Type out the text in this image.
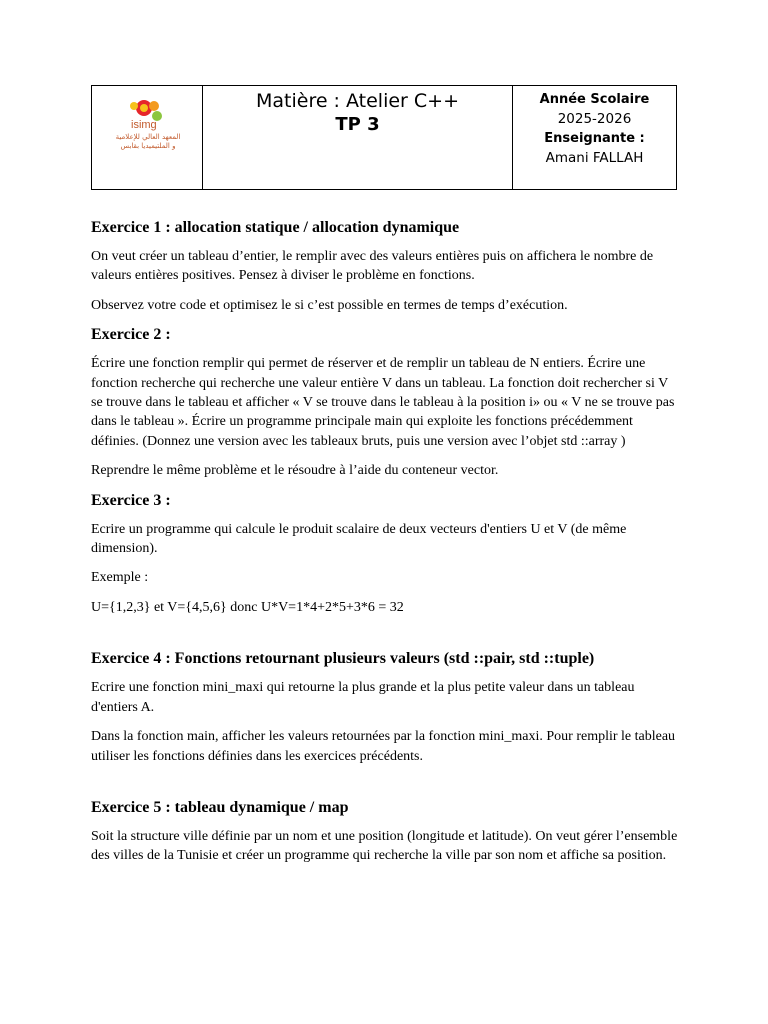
isimg
المعهد العالي للإعلامية
و الملتيميديا بقابس
Matière : Atelier C++
TP 3
Année Scolaire
2025-2026
Enseignante :
Amani FALLAH
Exercice 1 : allocation statique / allocation dynamique

On veut créer un tableau d’entier, le remplir avec des valeurs entières puis on affichera le nombre de valeurs entières positives. Pensez à diviser le problème en fonctions.

Observez votre code et optimisez le si c’est possible en termes de temps d’exécution.

Exercice 2 :

Écrire une fonction remplir qui permet de réserver et de remplir un tableau de N entiers. Écrire une fonction recherche qui recherche une valeur entière V dans un tableau. La fonction doit rechercher si V se trouve dans le tableau et afficher « V se trouve dans le tableau à la position i» ou « V ne se trouve pas dans le tableau ». Écrire un programme principale main qui exploite les fonctions précédemment définies. (Donnez une version avec les tableaux bruts, puis une version avec l’objet std ::array )

Reprendre le même problème et le résoudre à l’aide du conteneur vector.

Exercice 3 :

Ecrire un programme qui calcule le produit scalaire de deux vecteurs d'entiers U et V (de même dimension).

Exemple :

U={1,2,3} et V={4,5,6} donc U*V=1*4+2*5+3*6 = 32

Exercice 4 : Fonctions retournant plusieurs valeurs (std ::pair, std ::tuple)

Ecrire une fonction mini_maxi qui retourne la plus grande et la plus petite valeur dans un tableau d'entiers A.

Dans la fonction main, afficher les valeurs retournées par la fonction mini_maxi. Pour remplir le tableau utiliser les fonctions définies dans les exercices précédents.

Exercice 5 : tableau dynamique / map

Soit la structure ville définie par un nom et une position (longitude et latitude). On veut gérer l’ensemble des villes de la Tunisie et créer un programme qui recherche la ville par son nom et affiche sa position.
